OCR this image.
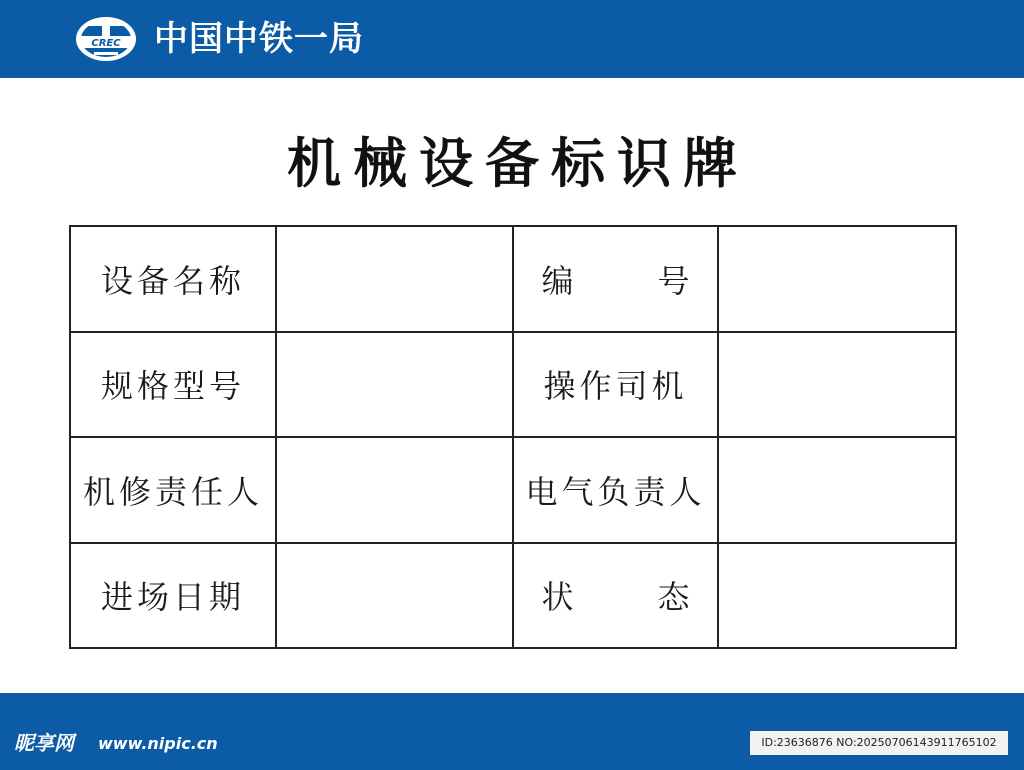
CREC 中国中铁一局
机械设备标识牌
设备名称		编 号	

规格型号		操作司机	
机修责任人		电气负责人	
进场日期		状 态	

昵享网 www.nipic.cn	ID:23636876 NO:20250706143911765102
